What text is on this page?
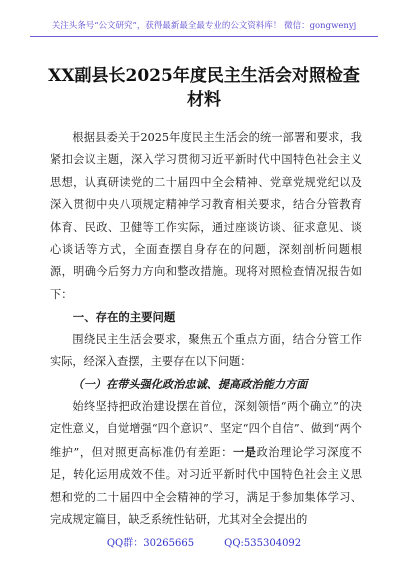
关注头条号“公文研究”，获得最新最全最专业的公文资料库！ 微信：gongwenyj
XX副县长2025年度民主生活会对照检查材料

根据县委关于2025年度民主生活会的统一部署和要求，我紧扣会议主题，深入学习贯彻习近平新时代中国特色社会主义思想，认真研读党的二十届四中全会精神、党章党规党纪以及深入贯彻中央八项规定精神学习教育相关要求，结合分管教育体育、民政、卫健等工作实际，通过座谈访谈、征求意见、谈心谈话等方式，全面查摆自身存在的问题，深刻剖析问题根源，明确今后努力方向和整改措施。现将对照检查情况报告如下：

一、存在的主要问题

围绕民主生活会要求，聚焦五个重点方面，结合分管工作实际，经深入查摆，主要存在以下问题：

（一）在带头强化政治忠诚、提高政治能力方面

始终坚持把政治建设摆在首位，深刻领悟“两个确立”的决定性意义，自觉增强“四个意识”、坚定“四个自信”、做到“两个维护”，但对照更高标准仍有差距：一是政治理论学习深度不足，转化运用成效不佳。对习近平新时代中国特色社会主义思想和党的二十届四中全会精神的学习，满足于参加集体学习、完成规定篇目，缺乏系统性钻研，尤其对全会提出的

QQ群：30265665	QQ:535304092
